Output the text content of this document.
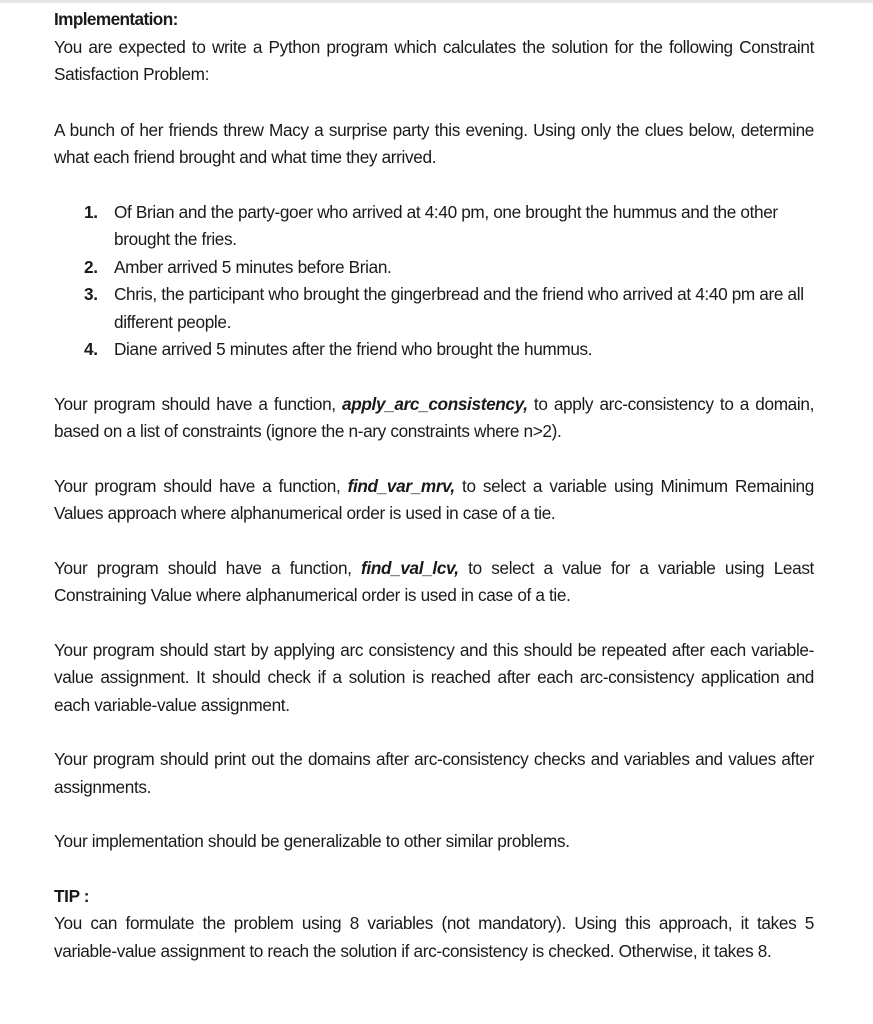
Implementation:

You are expected to write a Python program which calculates the solution for the following Constraint Satisfaction Problem:

A bunch of her friends threw Macy a surprise party this evening. Using only the clues below, determine what each friend brought and what time they arrived.

1. Of Brian and the party-goer who arrived at 4:40 pm, one brought the hummus and the other brought the fries.
2. Amber arrived 5 minutes before Brian.
3. Chris, the participant who brought the gingerbread and the friend who arrived at 4:40 pm are all different people.
4. Diane arrived 5 minutes after the friend who brought the hummus.

Your program should have a function, apply_arc_consistency, to apply arc-consistency to a domain, based on a list of constraints (ignore the n-ary constraints where n>2).

Your program should have a function, find_var_mrv, to select a variable using Minimum Remaining Values approach where alphanumerical order is used in case of a tie.

Your program should have a function, find_val_lcv, to select a value for a variable using Least Constraining Value where alphanumerical order is used in case of a tie.

Your program should start by applying arc consistency and this should be repeated after each variable-value assignment. It should check if a solution is reached after each arc-consistency application and each variable-value assignment.

Your program should print out the domains after arc-consistency checks and variables and values after assignments.

Your implementation should be generalizable to other similar problems.

TIP :

You can formulate the problem using 8 variables (not mandatory). Using this approach, it takes 5 variable-value assignment to reach the solution if arc-consistency is checked. Otherwise, it takes 8.
